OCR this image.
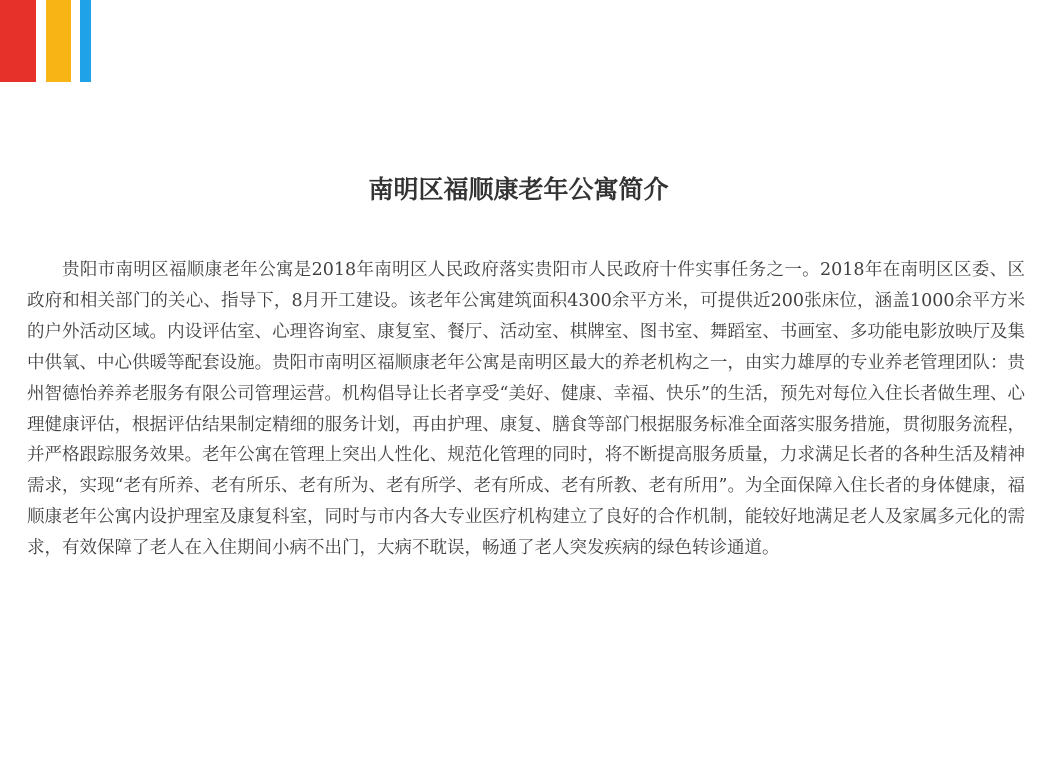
南明区福顺康老年公寓简介

贵阳市南明区福顺康老年公寓是2018年南明区人民政府落实贵阳市人民政府十件实事任务之一。2018年在南明区区委、区政府和相关部门的关心、指导下，8月开工建设。该老年公寓建筑面积4300余平方米，可提供近200张床位，涵盖1000余平方米的户外活动区域。内设评估室、心理咨询室、康复室、餐厅、活动室、棋牌室、图书室、舞蹈室、书画室、多功能电影放映厅及集中供氧、中心供暖等配套设施。贵阳市南明区福顺康老年公寓是南明区最大的养老机构之一，由实力雄厚的专业养老管理团队：贵州智德怡养养老服务有限公司管理运营。机构倡导让长者享受“美好、健康、幸福、快乐”的生活，预先对每位入住长者做生理、心理健康评估，根据评估结果制定精细的服务计划，再由护理、康复、膳食等部门根据服务标准全面落实服务措施，贯彻服务流程，并严格跟踪服务效果。老年公寓在管理上突出人性化、规范化管理的同时，将不断提高服务质量，力求满足长者的各种生活及精神需求，实现“老有所养、老有所乐、老有所为、老有所学、老有所成、老有所教、老有所用”。为全面保障入住长者的身体健康，福顺康老年公寓内设护理室及康复科室，同时与市内各大专业医疗机构建立了良好的合作机制，能较好地满足老人及家属多元化的需求，有效保障了老人在入住期间小病不出门，大病不耽误，畅通了老人突发疾病的绿色转诊通道。
